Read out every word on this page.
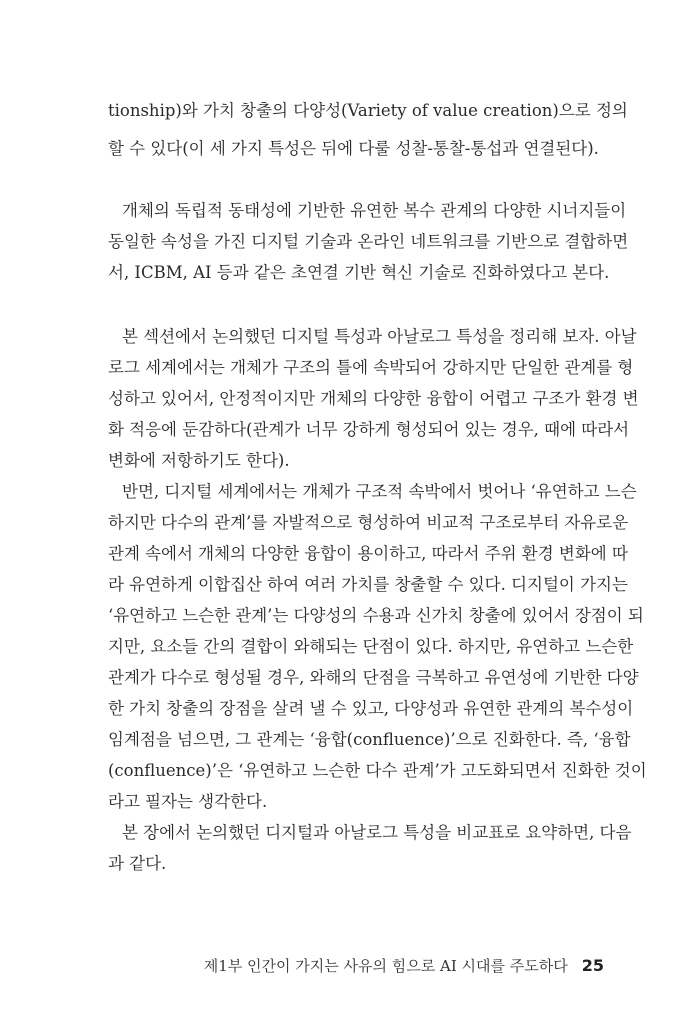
tionship)와 가치 창출의 다양성(Variety of value creation)으로 정의
할 수 있다(이 세 가지 특성은 뒤에 다룰 성찰-통찰-통섭과 연결된다).
개체의 독립적 동태성에 기반한 유연한 복수 관계의 다양한 시너지들이
동일한 속성을 가진 디지털 기술과 온라인 네트워크를 기반으로 결합하면
서, ICBM, AI 등과 같은 초연결 기반 혁신 기술로 진화하였다고 본다.
본 섹션에서 논의했던 디지털 특성과 아날로그 특성을 정리해 보자. 아날
로그 세계에서는 개체가 구조의 틀에 속박되어 강하지만 단일한 관계를 형
성하고 있어서, 안정적이지만 개체의 다양한 융합이 어렵고 구조가 환경 변
화 적응에 둔감하다(관계가 너무 강하게 형성되어 있는 경우, 때에 따라서
변화에 저항하기도 한다).
반면, 디지털 세계에서는 개체가 구조적 속박에서 벗어나 ‘유연하고 느슨
하지만 다수의 관계’를 자발적으로 형성하여 비교적 구조로부터 자유로운
관계 속에서 개체의 다양한 융합이 용이하고, 따라서 주위 환경 변화에 따
라 유연하게 이합집산 하여 여러 가치를 창출할 수 있다. 디지털이 가지는
‘유연하고 느슨한 관계’는 다양성의 수용과 신가치 창출에 있어서 장점이 되
지만, 요소들 간의 결합이 와해되는 단점이 있다. 하지만, 유연하고 느슨한
관계가 다수로 형성될 경우, 와해의 단점을 극복하고 유연성에 기반한 다양
한 가치 창출의 장점을 살려 낼 수 있고, 다양성과 유연한 관계의 복수성이
임계점을 넘으면, 그 관계는 ‘융합(confluence)’으로 진화한다. 즉, ‘융합
(confluence)’은 ‘유연하고 느슨한 다수 관계’가 고도화되면서 진화한 것이
라고 필자는 생각한다.
본 장에서 논의했던 디지털과 아날로그 특성을 비교표로 요약하면, 다음
과 같다.
제1부 인간이 가지는 사유의 힘으로 AI 시대를 주도하다 25
